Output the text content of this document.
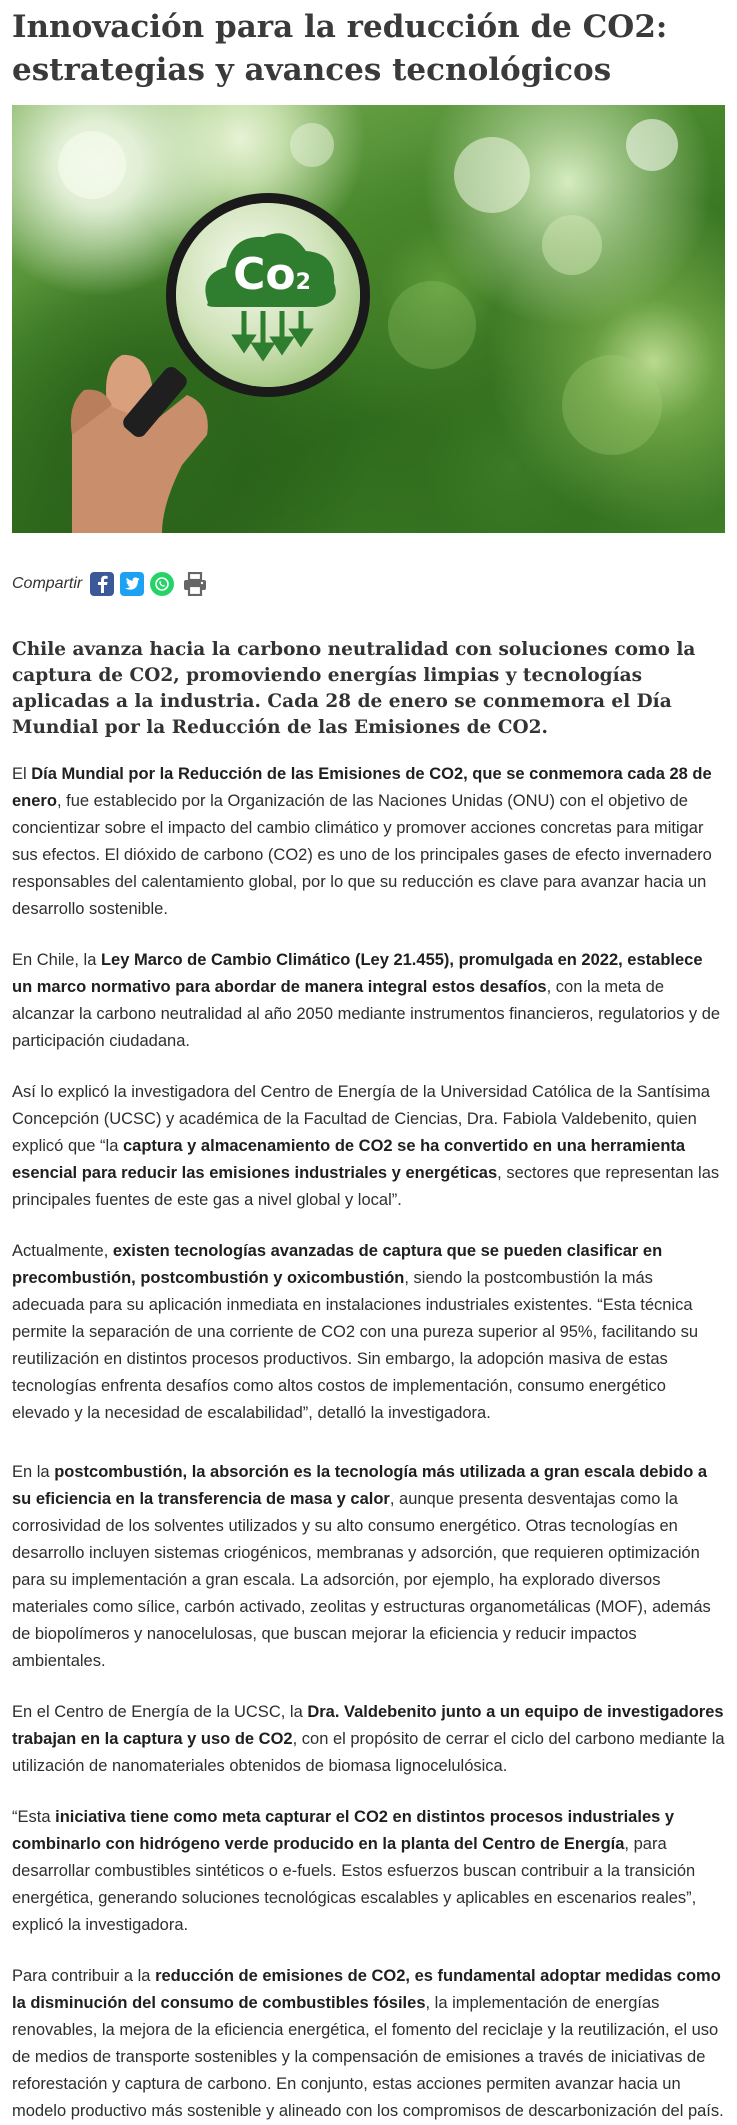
Innovación para la reducción de CO2: estrategias y avances tecnológicos
Co2
Compartir

Chile avanza hacia la carbono neutralidad con soluciones como la captura de CO2, promoviendo energías limpias y tecnologías aplicadas a la industria. Cada 28 de enero se conmemora el Día Mundial por la Reducción de las Emisiones de CO2.

El Día Mundial por la Reducción de las Emisiones de CO2, que se conmemora cada 28 de enero, fue establecido por la Organización de las Naciones Unidas (ONU) con el objetivo de concientizar sobre el impacto del cambio climático y promover acciones concretas para mitigar sus efectos. El dióxido de carbono (CO2) es uno de los principales gases de efecto invernadero responsables del calentamiento global, por lo que su reducción es clave para avanzar hacia un desarrollo sostenible.

En Chile, la Ley Marco de Cambio Climático (Ley 21.455), promulgada en 2022, establece un marco normativo para abordar de manera integral estos desafíos, con la meta de alcanzar la carbono neutralidad al año 2050 mediante instrumentos financieros, regulatorios y de participación ciudadana.

Así lo explicó la investigadora del Centro de Energía de la Universidad Católica de la Santísima Concepción (UCSC) y académica de la Facultad de Ciencias, Dra. Fabiola Valdebenito, quien explicó que “la captura y almacenamiento de CO2 se ha convertido en una herramienta esencial para reducir las emisiones industriales y energéticas, sectores que representan las principales fuentes de este gas a nivel global y local”.

Actualmente, existen tecnologías avanzadas de captura que se pueden clasificar en precombustión, postcombustión y oxicombustión, siendo la postcombustión la más adecuada para su aplicación inmediata en instalaciones industriales existentes. “Esta técnica permite la separación de una corriente de CO2 con una pureza superior al 95%, facilitando su reutilización en distintos procesos productivos. Sin embargo, la adopción masiva de estas tecnologías enfrenta desafíos como altos costos de implementación, consumo energético elevado y la necesidad de escalabilidad”, detalló la investigadora.

En la postcombustión, la absorción es la tecnología más utilizada a gran escala debido a su eficiencia en la transferencia de masa y calor, aunque presenta desventajas como la corrosividad de los solventes utilizados y su alto consumo energético. Otras tecnologías en desarrollo incluyen sistemas criogénicos, membranas y adsorción, que requieren optimización para su implementación a gran escala. La adsorción, por ejemplo, ha explorado diversos materiales como sílice, carbón activado, zeolitas y estructuras organometálicas (MOF), además de biopolímeros y nanocelulosas, que buscan mejorar la eficiencia y reducir impactos ambientales.

En el Centro de Energía de la UCSC, la Dra. Valdebenito junto a un equipo de investigadores trabajan en la captura y uso de CO2, con el propósito de cerrar el ciclo del carbono mediante la utilización de nanomateriales obtenidos de biomasa lignocelulósica.

“Esta iniciativa tiene como meta capturar el CO2 en distintos procesos industriales y combinarlo con hidrógeno verde producido en la planta del Centro de Energía, para desarrollar combustibles sintéticos o e-fuels. Estos esfuerzos buscan contribuir a la transición energética, generando soluciones tecnológicas escalables y aplicables en escenarios reales”, explicó la investigadora.

Para contribuir a la reducción de emisiones de CO2, es fundamental adoptar medidas como la disminución del consumo de combustibles fósiles, la implementación de energías renovables, la mejora de la eficiencia energética, el fomento del reciclaje y la reutilización, el uso de medios de transporte sostenibles y la compensación de emisiones a través de iniciativas de reforestación y captura de carbono. En conjunto, estas acciones permiten avanzar hacia un modelo productivo más sostenible y alineado con los compromisos de descarbonización del país.
